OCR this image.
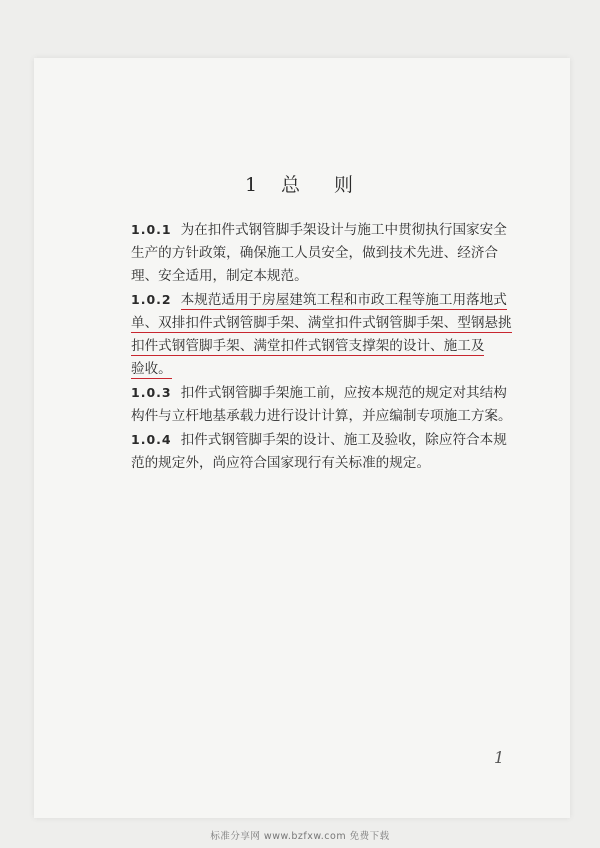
1 总 则

1.0.1 为在扣件式钢管脚手架设计与施工中贯彻执行国家安全
生产的方针政策，确保施工人员安全，做到技术先进、经济合
理、安全适用，制定本规范。

1.0.2 本规范适用于房屋建筑工程和市政工程等施工用落地式
单、双排扣件式钢管脚手架、满堂扣件式钢管脚手架、型钢悬挑
扣件式钢管脚手架、满堂扣件式钢管支撑架的设计、施工及
验收。

1.0.3 扣件式钢管脚手架施工前，应按本规范的规定对其结构
构件与立杆地基承载力进行设计计算，并应编制专项施工方案。

1.0.4 扣件式钢管脚手架的设计、施工及验收，除应符合本规
范的规定外，尚应符合国家现行有关标准的规定。

1
标准分享网 www.bzfxw.com 免费下载
